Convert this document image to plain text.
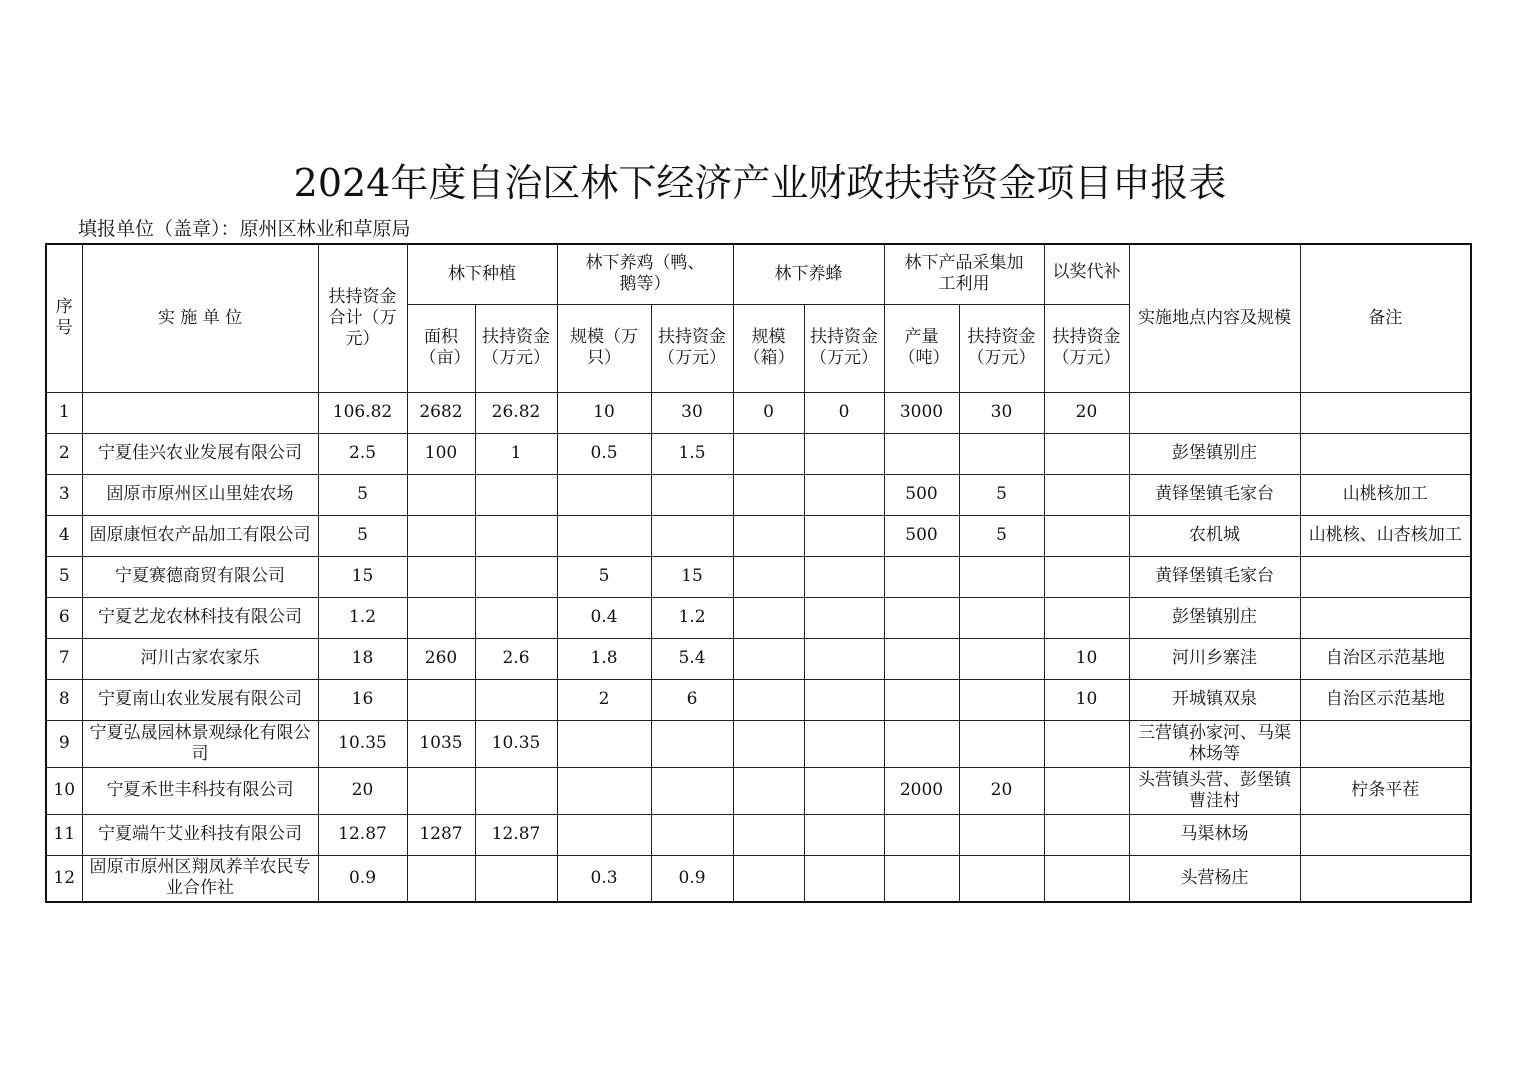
2024年度自治区林下经济产业财政扶持资金项目申报表
填报单位（盖章）：原州区林业和草原局
序号	实 施 单 位	扶持资金合计（万元）	林下种植		林下养鸡（鸭、鹅等）		林下养蜂		林下产品采集加工利用		以奖代补	实施地点内容及规模	备注
			面积（亩）	扶持资金（万元）	规模（万只）	扶持资金（万元）	规模（箱）	扶持资金（万元）	产量（吨）	扶持资金（万元）	扶持资金（万元）		
1		106.82	2682	26.82	10	30	0	0	3000	30	20		
2	宁夏佳兴农业发展有限公司	2.5	100	1	0.5	1.5						彭堡镇别庄	
3	固原市原州区山里娃农场	5							500	5		黄铎堡镇毛家台	山桃核加工
4	固原康恒农产品加工有限公司	5							500	5		农机城	山桃核、山杏核加工
5	宁夏赛德商贸有限公司	15			5	15						黄铎堡镇毛家台	
6	宁夏艺龙农林科技有限公司	1.2			0.4	1.2						彭堡镇别庄	
7	河川古家农家乐	18	260	2.6	1.8	5.4					10	河川乡寨洼	自治区示范基地
8	宁夏南山农业发展有限公司	16			2	6					10	开城镇双泉	自治区示范基地
9	宁夏弘晟园林景观绿化有限公司	10.35	1035	10.35								三营镇孙家河、马渠林场等	
10	宁夏禾世丰科技有限公司	20							2000	20		头营镇头营、彭堡镇曹洼村	柠条平茬
11	宁夏端午艾业科技有限公司	12.87	1287	12.87								马渠林场	
12	固原市原州区翔凤养羊农民专业合作社	0.9			0.3	0.9						头营杨庄	
